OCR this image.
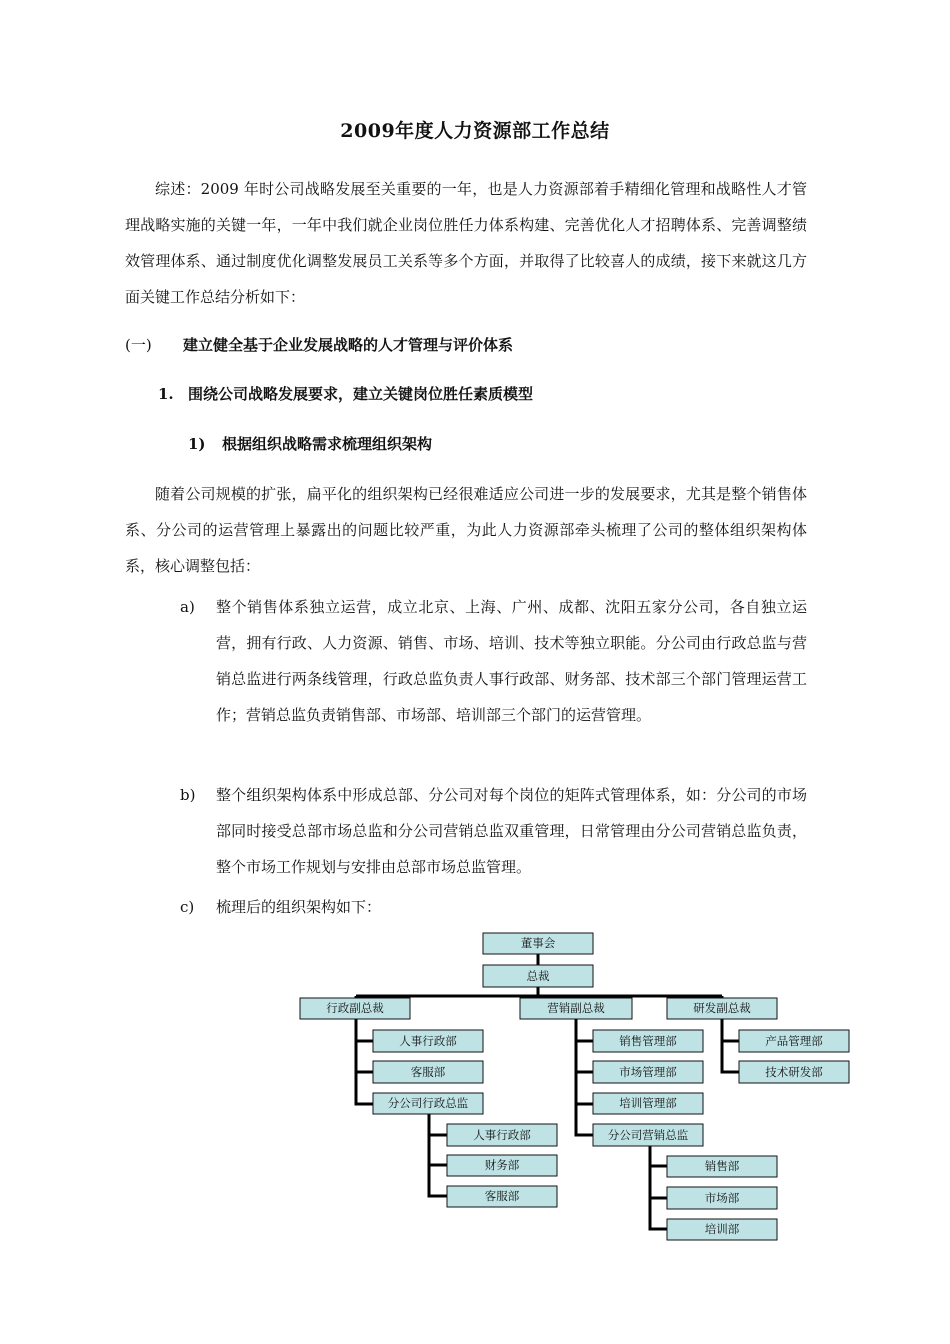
2009年度人力资源部工作总结
综述：2009 年时公司战略发展至关重要的一年，也是人力资源部着手精细化管理和战略性人才管理战略实施的关键一年，一年中我们就企业岗位胜任力体系构建、完善优化人才招聘体系、完善调整绩效管理体系、通过制度优化调整发展员工关系等多个方面，并取得了比较喜人的成绩，接下来就这几方面关键工作总结分析如下：
(一) 建立健全基于企业发展战略的人才管理与评价体系
1. 围绕公司战略发展要求，建立关键岗位胜任素质模型
1) 根据组织战略需求梳理组织架构
随着公司规模的扩张，扁平化的组织架构已经很难适应公司进一步的发展要求，尤其是整个销售体系、分公司的运营管理上暴露出的问题比较严重，为此人力资源部牵头梳理了公司的整体组织架构体系，核心调整包括：
a) 整个销售体系独立运营，成立北京、上海、广州、成都、沈阳五家分公司，各自独立运营，拥有行政、人力资源、销售、市场、培训、技术等独立职能。分公司由行政总监与营销总监进行两条线管理，行政总监负责人事行政部、财务部、技术部三个部门管理运营工作；营销总监负责销售部、市场部、培训部三个部门的运营管理。
b) 整个组织架构体系中形成总部、分公司对每个岗位的矩阵式管理体系，如：分公司的市场部同时接受总部市场总监和分公司营销总监双重管理，日常管理由分公司营销总监负责，整个市场工作规划与安排由总部市场总监管理。
c) 梳理后的组织架构如下：
董事会
总裁
行政副总裁
人事行政部
客服部
分公司行政总监
人事行政部
财务部
客服部
营销副总裁
销售管理部
市场管理部
培训管理部
分公司营销总监
销售部
市场部
培训部
研发副总裁
产品管理部
技术研发部
